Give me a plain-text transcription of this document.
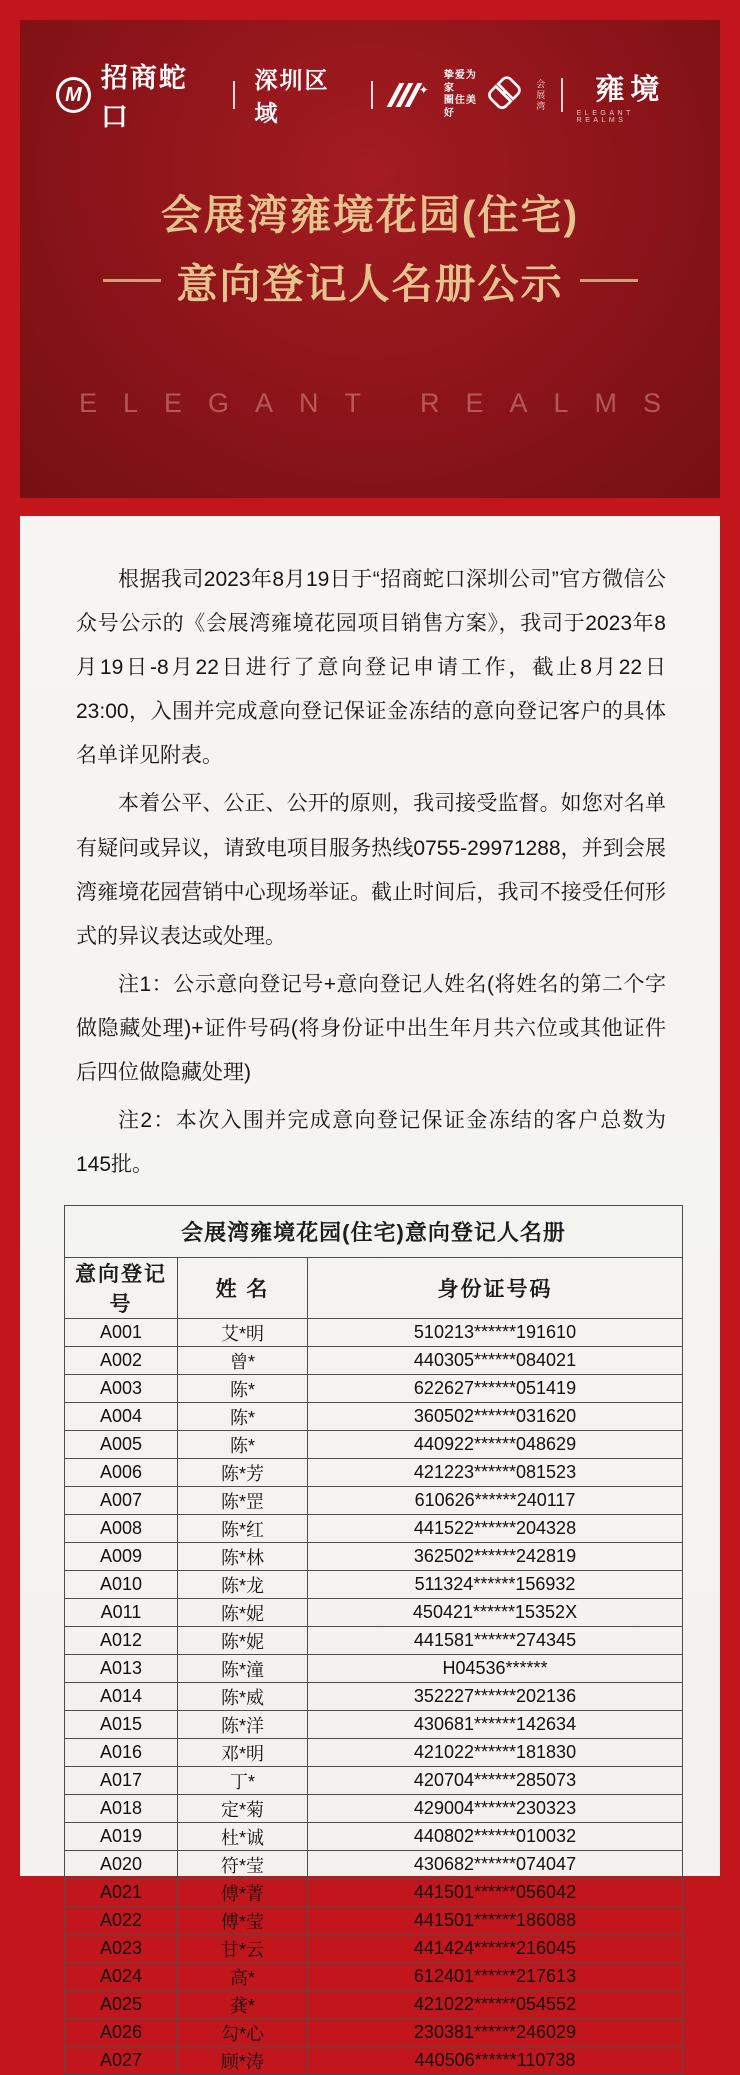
M
招商蛇口
深圳区域
✦
挚爱为家
圈住美好
会展湾 雍境
ELEGANT REALMS
会展湾雍境花园(住宅)
意向登记人名册公示
ELEGANT REALMS

根据我司2023年8月19日于“招商蛇口深圳公司”官方微信公众号公示的《会展湾雍境花园项目销售方案》，我司于2023年8月19日-8月22日进行了意向登记申请工作，截止8月22日23:00，入围并完成意向登记保证金冻结的意向登记客户的具体名单详见附表。

本着公平、公正、公开的原则，我司接受监督。如您对名单有疑问或异议，请致电项目服务热线0755-29971288，并到会展湾雍境花园营销中心现场举证。截止时间后，我司不接受任何形式的异议表达或处理。

注1：公示意向登记号+意向登记人姓名(将姓名的第二个字做隐藏处理)+证件号码(将身份证中出生年月共六位或其他证件后四位做隐藏处理)

注2：本次入围并完成意向登记保证金冻结的客户总数为145批。

会展湾雍境花园(住宅)意向登记人名册		
意向登记号	姓 名	身份证号码
A001	艾*明	510213******191610
A002	曾*	440305******084021
A003	陈*	622627******051419
A004	陈*	360502******031620
A005	陈*	440922******048629
A006	陈*芳	421223******081523
A007	陈*罡	610626******240117
A008	陈*红	441522******204328
A009	陈*林	362502******242819
A010	陈*龙	511324******156932
A011	陈*妮	450421******15352X
A012	陈*妮	441581******274345
A013	陈*潼	H04536******
A014	陈*威	352227******202136
A015	陈*洋	430681******142634
A016	邓*明	421022******181830
A017	丁*	420704******285073
A018	定*菊	429004******230323
A019	杜*诚	440802******010032
A020	符*莹	430682******074047
A021	傅*菁	441501******056042
A022	傅*莹	441501******186088
A023	甘*云	441424******216045
A024	高*	612401******217613
A025	龚*	421022******054552
A026	勾*心	230381******246029
A027	顾*涛	440506******110738
